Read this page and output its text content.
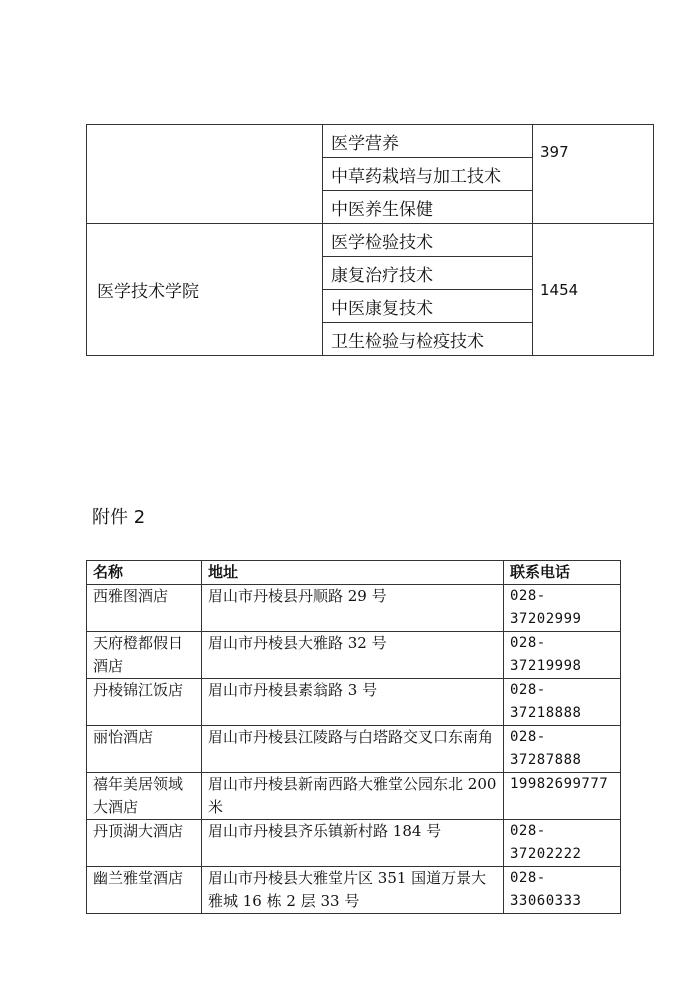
	医学营养	397
	中草药栽培与加工技术	
	中医养生保健	
医学技术学院	医学检验技术	1454
	康复治疗技术	
	中医康复技术	
	卫生检验与检疫技术	
附件 2
名称	地址	联系电话
西雅图酒店	眉山市丹棱县丹顺路 29 号	028-37202999
天府橙都假日酒店	眉山市丹棱县大雅路 32 号	028-37219998
丹棱锦江饭店	眉山市丹棱县素翁路 3 号	028-37218888
丽怡酒店	眉山市丹棱县江陵路与白塔路交叉口东南角	028-37287888
禧年美居领域大酒店	眉山市丹棱县新南西路大雅堂公园东北 200 米	19982699777
丹顶湖大酒店	眉山市丹棱县齐乐镇新村路 184 号	028-37202222
幽兰雅堂酒店	眉山市丹棱县大雅堂片区 351 国道万景大雅城 16 栋 2 层 33 号	028-33060333
